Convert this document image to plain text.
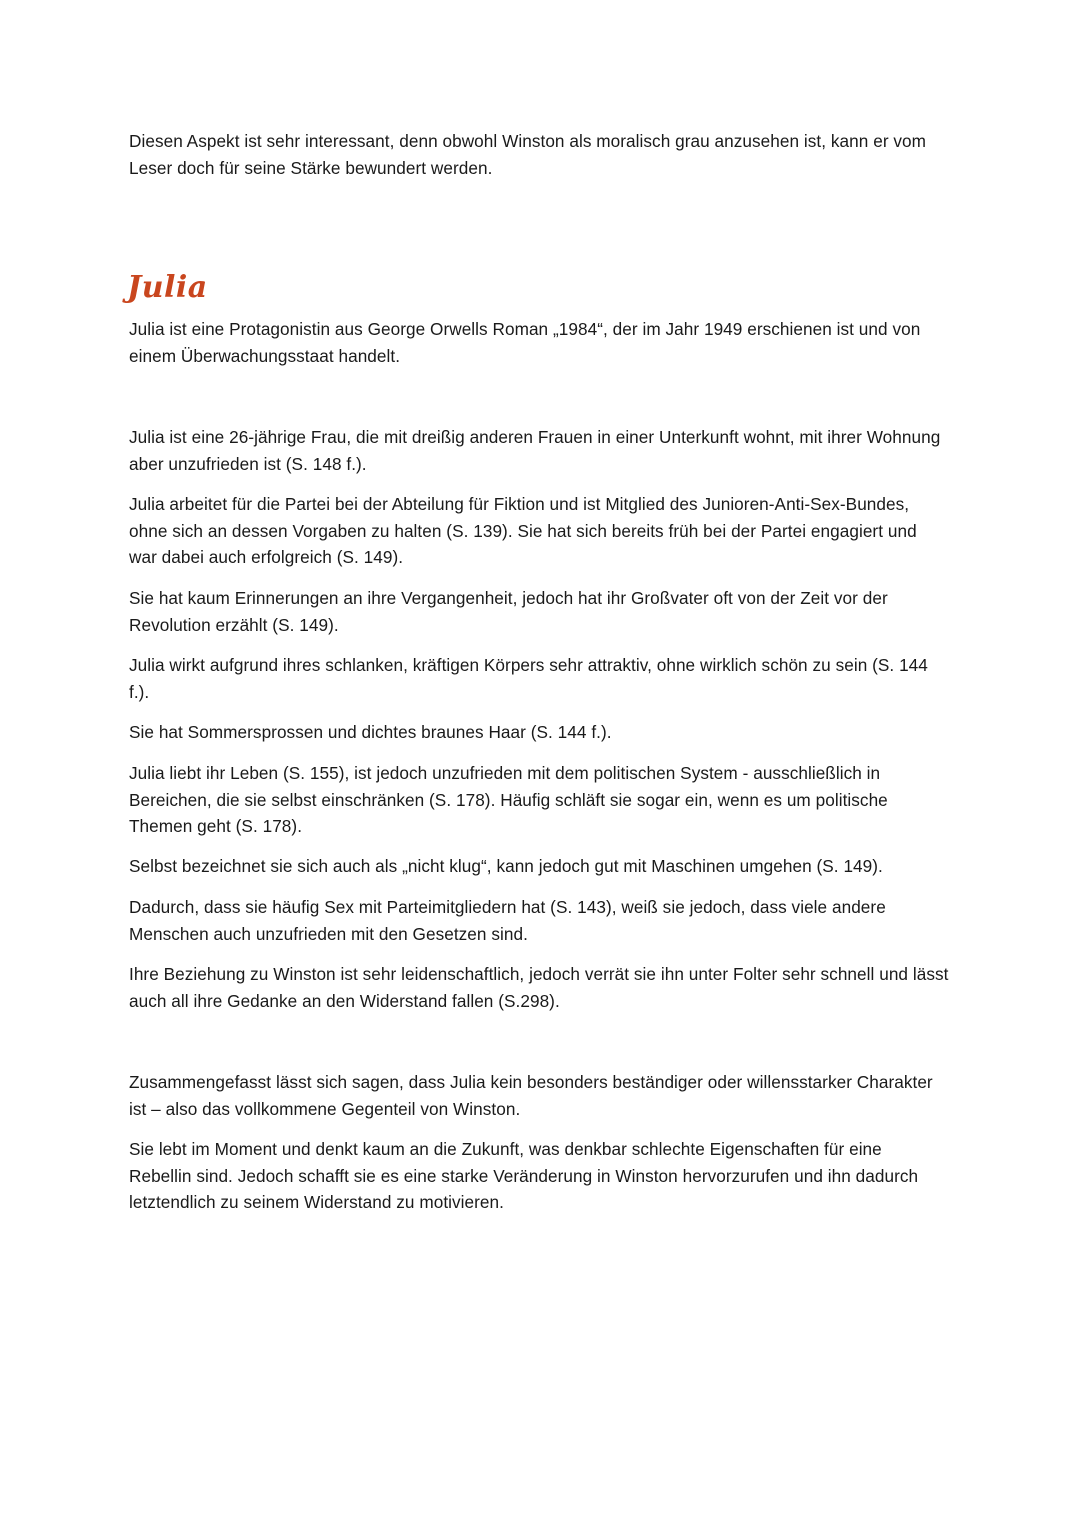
Diesen Aspekt ist sehr interessant, denn obwohl Winston als moralisch grau anzusehen ist, kann er vom Leser doch für seine Stärke bewundert werden.

Julia

Julia ist eine Protagonistin aus George Orwells Roman „1984“, der im Jahr 1949 erschienen ist und von einem Überwachungsstaat handelt.

Julia ist eine 26-jährige Frau, die mit dreißig anderen Frauen in einer Unterkunft wohnt, mit ihrer Wohnung aber unzufrieden ist (S. 148 f.).

Julia arbeitet für die Partei bei der Abteilung für Fiktion und ist Mitglied des Junioren-Anti-Sex-Bundes, ohne sich an dessen Vorgaben zu halten (S. 139). Sie hat sich bereits früh bei der Partei engagiert und war dabei auch erfolgreich (S. 149).

Sie hat kaum Erinnerungen an ihre Vergangenheit, jedoch hat ihr Großvater oft von der Zeit vor der Revolution erzählt (S. 149).

Julia wirkt aufgrund ihres schlanken, kräftigen Körpers sehr attraktiv, ohne wirklich schön zu sein (S. 144 f.).

Sie hat Sommersprossen und dichtes braunes Haar (S. 144 f.).

Julia liebt ihr Leben (S. 155), ist jedoch unzufrieden mit dem politischen System - ausschließlich in Bereichen, die sie selbst einschränken (S. 178). Häufig schläft sie sogar ein, wenn es um politische Themen geht (S. 178).

Selbst bezeichnet sie sich auch als „nicht klug“, kann jedoch gut mit Maschinen umgehen (S. 149).

Dadurch, dass sie häufig Sex mit Parteimitgliedern hat (S. 143), weiß sie jedoch, dass viele andere Menschen auch unzufrieden mit den Gesetzen sind.

Ihre Beziehung zu Winston ist sehr leidenschaftlich, jedoch verrät sie ihn unter Folter sehr schnell und lässt auch all ihre Gedanke an den Widerstand fallen (S.298).

Zusammengefasst lässt sich sagen, dass Julia kein besonders beständiger oder willensstarker Charakter ist – also das vollkommene Gegenteil von Winston.

Sie lebt im Moment und denkt kaum an die Zukunft, was denkbar schlechte Eigenschaften für eine Rebellin sind. Jedoch schafft sie es eine starke Veränderung in Winston hervorzurufen und ihn dadurch letztendlich zu seinem Widerstand zu motivieren.
